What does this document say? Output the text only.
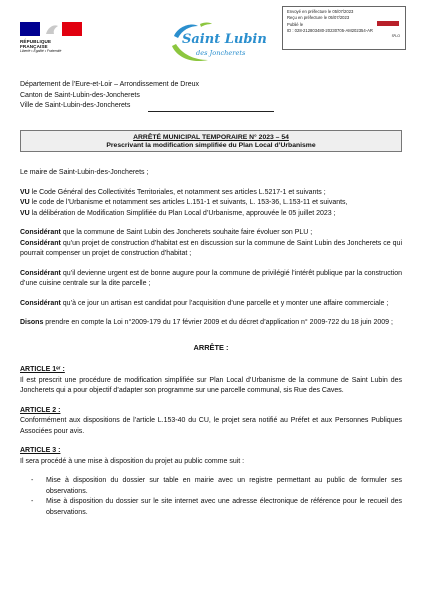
RÉPUBLIQUE
FRANÇAISE
Liberté • Égalité • Fraternité
Saint Lubin
des Joncherets
Envoyé en préfecture le 05/07/2023
Reçu en préfecture le 05/07/2023
Publié le
ID : 028-212803480-20230705-AM202354-AR
S²LO
Département de l’Eure-et-Loir – Arrondissement de Dreux
Canton de Saint-Lubin-des-Joncherets
Ville de Saint-Lubin-des-Joncherets
ARRÊTÉ MUNICIPAL TEMPORAIRE N° 2023 – 54
Prescrivant la modification simplifiée du Plan Local d’Urbanisme

Le maire de Saint-Lubin-des-Joncherets ;

VU le Code Général des Collectivités Territoriales, et notamment ses articles L.5217-1 et suivants ;

VU le code de l’Urbanisme et notamment ses articles L.151-1 et suivants, L. 153-36, L.153-11 et suivants,

VU la délibération de Modification Simplifiée du Plan Local d’Urbanisme, approuvée le 05 juillet 2023 ;

Considérant que la commune de Saint Lubin des Joncherets souhaite faire évoluer son PLU ;

Considérant qu’un projet de construction d’habitat est en discussion sur la commune de Saint Lubin des Joncherets ce qui pourrait compenser un projet de construction d’habitat ;

Considérant qu’il devienne urgent est de bonne augure pour la commune de privilégié l’intérêt publique par la construction d’une cuisine centrale sur la dite parcelle ;

Considérant qu’à ce jour un artisan est candidat pour l’acquisition d’une parcelle et y monter une affaire commerciale ;

Disons prendre en compte la Loi n°2009-179 du 17 février 2009 et du décret d’application n° 2009-722 du 18 juin 2009 ;

ARRÊTE :

ARTICLE 1ᵉʳ :

Il est prescrit une procédure de modification simplifiée sur Plan Local d’Urbanisme de la commune de Saint Lubin des Joncherets qui a pour objectif d’adapter son programme sur une parcelle communal, sis Rue des Caves.

ARTICLE 2 :

Conformément aux dispositions de l’article L.153-40 du CU, le projet sera notifié au Préfet et aux Personnes Publiques Associées pour avis.

ARTICLE 3 :

Il sera procédé à une mise à disposition du projet au public comme suit :

- Mise à disposition du dossier sur table en mairie avec un registre permettant au public de formuler ses observations.
- Mise à disposition du dossier sur le site internet avec une adresse électronique de référence pour le recueil des observations.
